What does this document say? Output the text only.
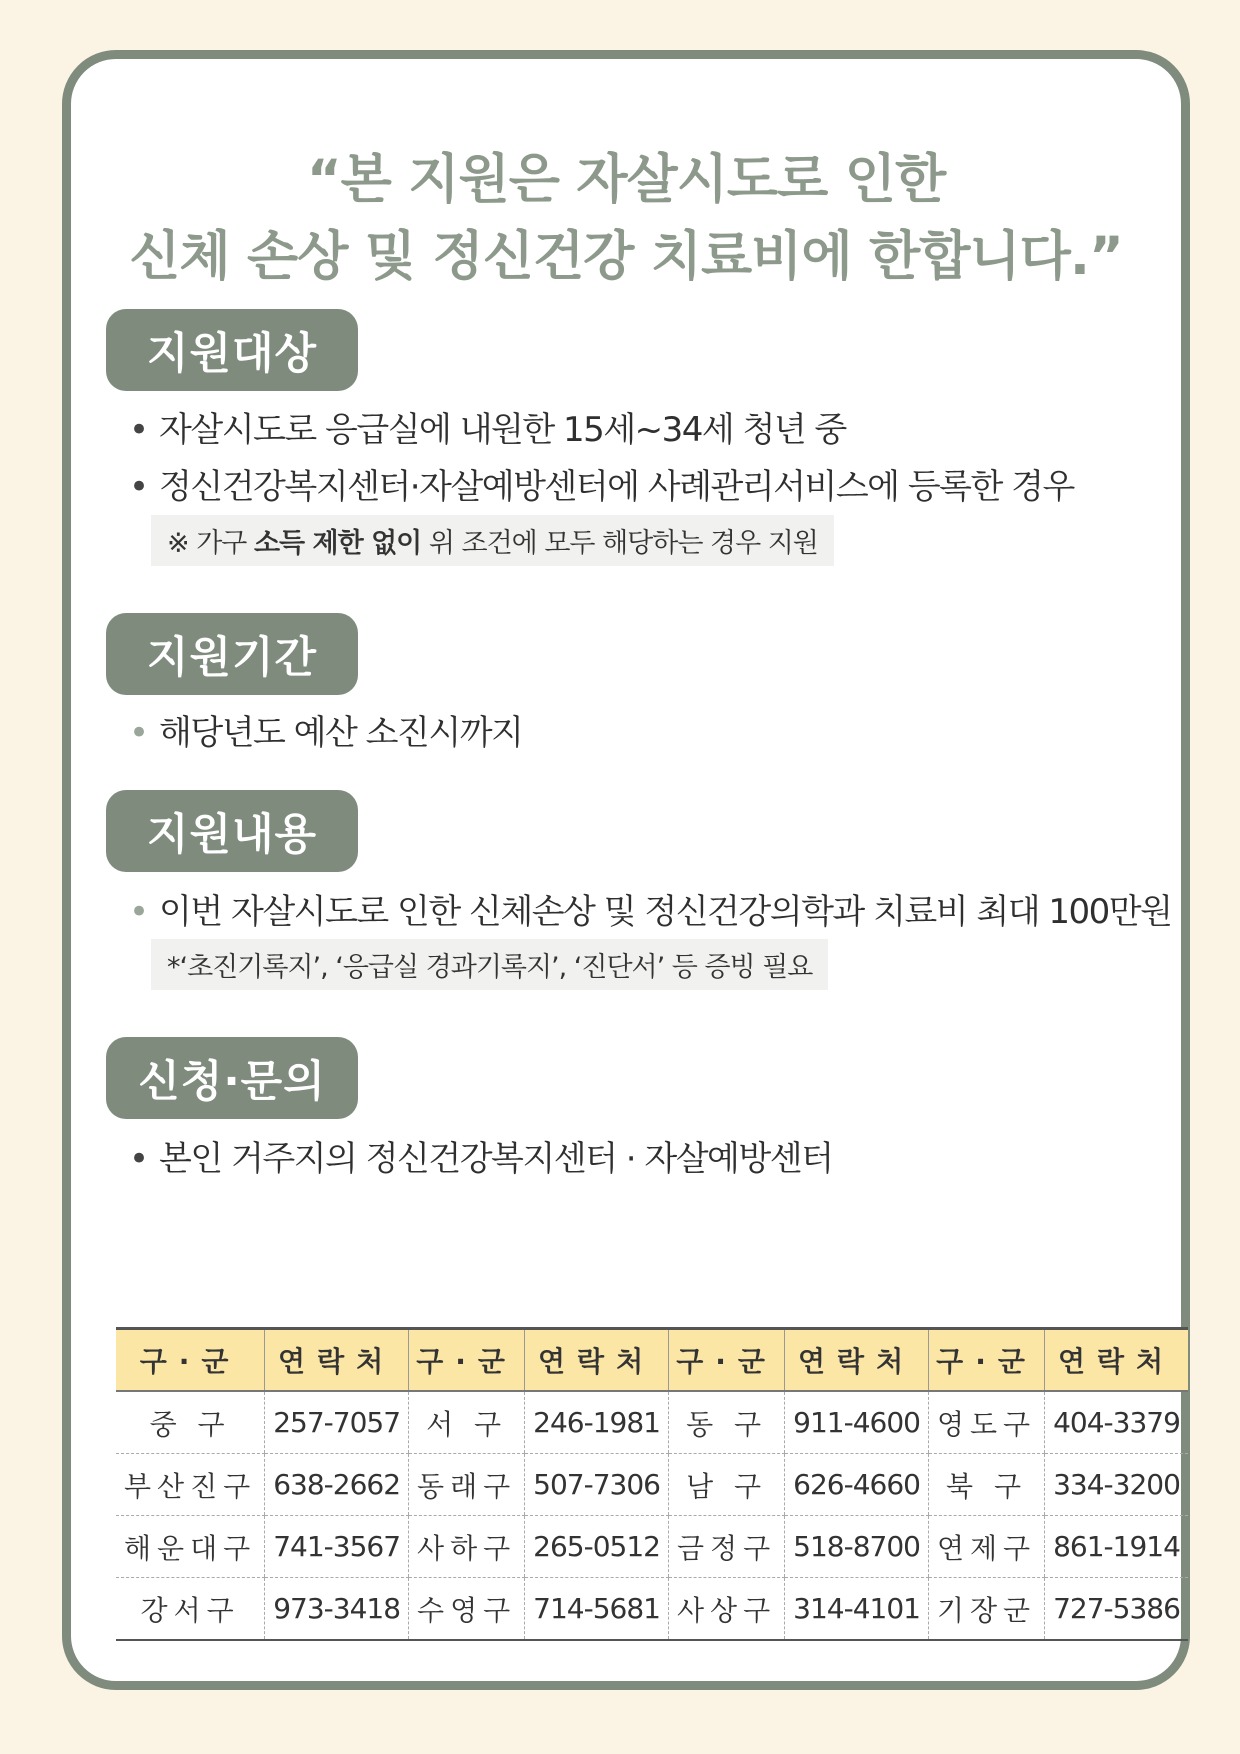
“본 지원은 자살시도로 인한
신체 손상 및 정신건강 치료비에 한합니다.”
지원대상
• 자살시도로 응급실에 내원한 15세~34세 청년 중
• 정신건강복지센터·자살예방센터에 사례관리서비스에 등록한 경우
※ 가구 소득 제한 없이 위 조건에 모두 해당하는 경우 지원
지원기간
• 해당년도 예산 소진시까지
지원내용
• 이번 자살시도로 인한 신체손상 및 정신건강의학과 치료비 최대 100만원
*‘초진기록지’, ‘응급실 경과기록지’, ‘진단서’ 등 증빙 필요
신청·문의
• 본인 거주지의 정신건강복지센터 · 자살예방센터
구·군	연락처	구·군	연락처	구·군	연락처	구·군	연락처
중 구	257-7057	서 구	246-1981	동 구	911-4600	영도구	404-3379
부산진구	638-2662	동래구	507-7306	남 구	626-4660	북 구	334-3200
해운대구	741-3567	사하구	265-0512	금정구	518-8700	연제구	861-1914
강서구	973-3418	수영구	714-5681	사상구	314-4101	기장군	727-5386
